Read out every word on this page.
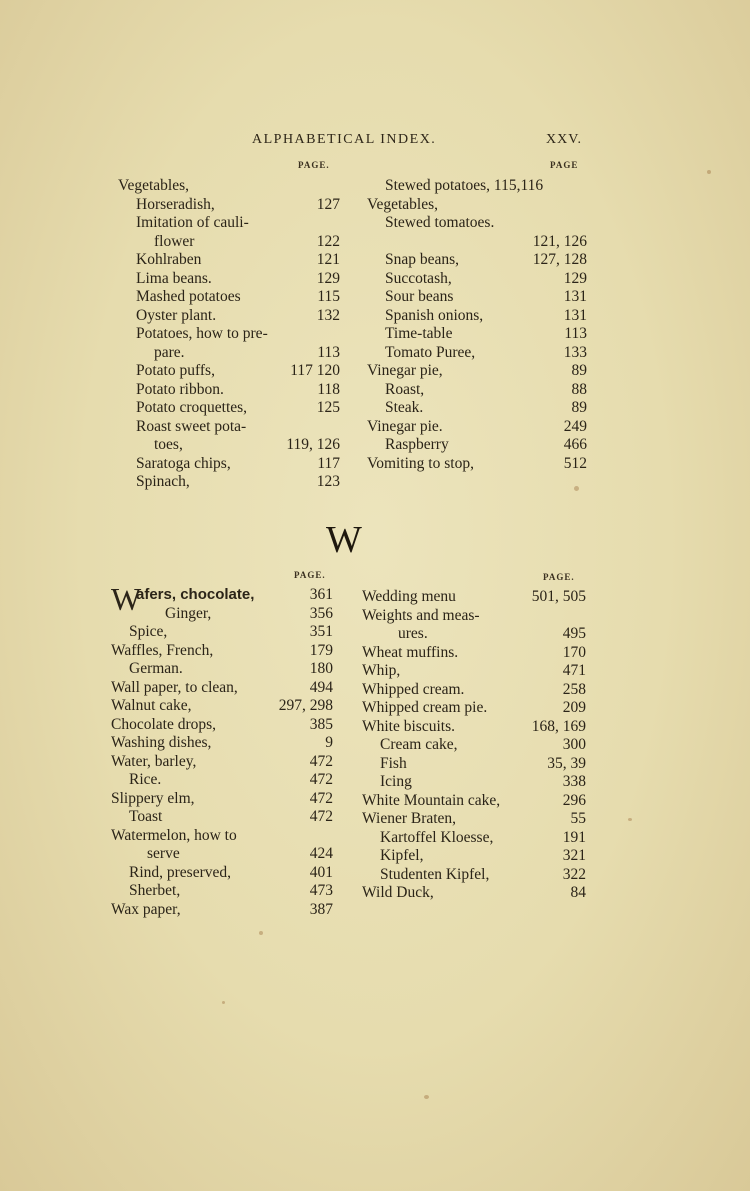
ALPHABETICAL INDEX.	XXV.
PAGE.	PAGE
Vegetables,
Horseradish,	127
Imitation of cauli-
flower	122
Kohlraben	121
Lima beans.	129
Mashed potatoes	115
Oyster plant.	132
Potatoes, how to pre-
pare.	113
Potato puffs,	117 120
Potato ribbon.	118
Potato croquettes,	125
Roast sweet pota-
toes,	119, 126
Saratoga chips,	117
Spinach,	123
Stewed potatoes, 115,116
Vegetables,
Stewed tomatoes.
121, 126
Snap beans,	127, 128
Succotash,	129
Sour beans	131
Spanish onions,	131
Time-table	113
Tomato Puree,	133
Vinegar pie,	89
Roast,	88
Steak.	89
Vinegar pie.	249
Raspberry	466
Vomiting to stop,	512
W
PAGE.	PAGE.
W
afers, chocolate,	361
Ginger,	356
Spice,	351
Waffles, French,	179
German.	180
Wall paper, to clean,	494
Walnut cake,	297, 298
Chocolate drops,	385
Washing dishes,	9
Water, barley,	472
Rice.	472
Slippery elm,	472
Toast	472
Watermelon, how to
serve	424
Rind, preserved,	401
Sherbet,	473
Wax paper,	387
Wedding menu	501, 505
Weights and meas-
ures.	495
Wheat muffins.	170
Whip,	471
Whipped cream.	258
Whipped cream pie.	209
White biscuits.	168, 169
Cream cake,	300
Fish	35, 39
Icing	338
White Mountain cake,	296
Wiener Braten,	55
Kartoffel Kloesse,	191
Kipfel,	321
Studenten Kipfel,	322
Wild Duck,	84
